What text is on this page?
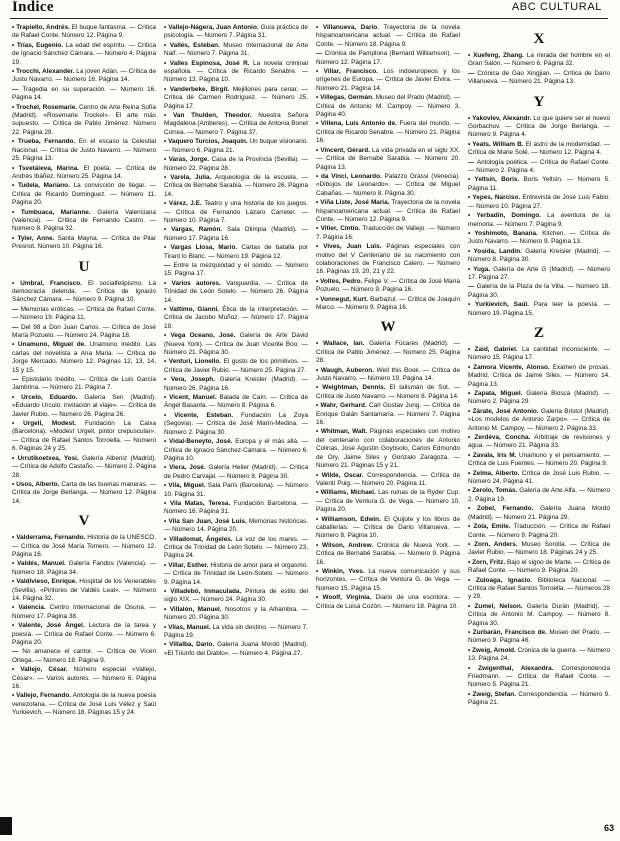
Índice	ABC CULTURAL
• Trapiello, Andrés. El buque fantasma. — Crítica de Rafael Conte. Número 12. Página 9.
• Trías, Eugenio. La edad del espíritu. — Crítica de Ignacio Sánchez Cámara. — Número 4. Página 19.
• Trocchi, Alexander. La joven Adán. — Crítica de Justo Navarro. — Número 16. Página 14.
— Tragedia en su superación. — Número 16. Página 14.
• Trochel, Rosemarie. Centro de Arte Reina Sofía (Madrid). «Rosemarie Trockel». El arte más supuesto. — Crítica de Pablo Jiménez. Número 22. Página 29.
• Trueba, Fernando. En el escaso la Celestial Nacional. — Crítica de Justo Navarro. — Número 25. Página 13.
• Tsvetáieva, Marina. El poeta. — Crítica de Andrés Ibáñez. Número 25. Página 14.
• Tudela, Mariano. La convicción de llegar. — Crítica de Ricardo Dominguez. — Número 11. Página 20.
• Tumbuaca, Marianne. Galería Valenciana (Valencia). — Crítica de Fernando Castro. — Número 8. Página 32.
• Tyler, Anne. Santa Mayna. — Crítica de Pilar Presnot. Número 10. Página 16.
U
• Umbral, Francisco. El socialfelipismo. La democracia delenda. — Crítica de Ignacio Sánchez Cámara. — Número 9. Página 10.
— Memorias eróticas. — Crítica de Rafael Conte. — Número 19. Página 11.
— Del 98 a Don Juan Carlos. — Crítica de José María Pozuelo. — Número 24. Página 18.
• Unamuno, Miguel de. Unamuno Inédito. Las cartas del novelista a Ana Maria. — Crítica de Jorge Mercado. Número 12. Páginas 12, 13, 14, 15 y 15.
— Epistolario Inédito. — Crítica de Luis García Jambrina. — Número 21. Página 7.
• Urcelo, Eduardo. Galería Sen (Madrid). «Eduardo Urculo: invitación al viaje». — Crítica de Javier Rubio. — Número 26. Página 26.
• Urgell, Modest. Fundación La Caixa (Barcelona). «Modest Urgell, pintor crepuscular». — Crítica de Rafael Santos Torroella. — Número 6. Páginas 24 y 25.
• Urrutikoetxea, Yosi. Galería Albeniz (Madrid). — Crítica de Adolfo Castaño. — Número 2. Página 28.
• Usos, Alberto. Carta de las buenas maneras. — Crítica de Jorge Berlanga. — Número 12. Página 14.
V
• Valderrama, Fernando. Historia de la UNESCO. — Crítica de José María Tomero. — Número 12. Página 16.
• Valdés, Manuel. Galería Fandos (Valencia). — Número 18. Página 34.
• Valdivieso, Enrique. Hospital de los Venerables (Sevilla). «Pintores de Valdés Leal». — Número 14. Página 32.
• Valencia. Centro Internacional de Osuna. — Número 17. Página 38.
• Valente, José Ángel. Lectura de la tarea y poesía. — Crítica de Rafael Conte. — Número 6. Página 20.
— No amanece el cantor. — Crítica de Vicen Ortega. — Número 18. Página 9.
• Vallejo, César. Número especial «Vallejo, César». — Varios autores. — Número 6. Página 16.
• Vallejo, Fernando. Antología de la nueva poesía venezolana. — Crítica de José Luis Vélez y Saúl Yurkievich. — Número 18. Páginas 15 y 24.
• Vallejo-Nágera, Juan Antonio. Guía práctica de psicología. — Número 7. Página 31.
• Vallés, Esteban. Museo Internacional de Arte Naif. — Número 7. Página 31.
• Valles Espinosa, José R. La novela criminal española. — Crítica de Ricardo Senabre. — Número 13. Página 10.
• Vanderbeke, Birgit. Mejillones para cenar. — Crítica de Carmen Rodríguez. — Número 25. Página 17.
• Van Thulden, Theodor. Nuestra Señora Magdalena (Amberes). — Crítica de Antonia Bonet Correa. — Número 7. Página 37.
• Vaquero Turcios, Joaquín. Un buque visionario. — Número 6. Página 21.
• Varas, Jorge. Casa de la Provincia (Sevilla). — Número 22. Página 28.
• Varela, Julia. Arqueología de la escuela. — Crítica de Bernabé Sarabia. — Número 26. Página 14.
• Várez, J.E. Teatro y una historia de los juegos. — Crítica de Fernando Lázaro Carreter. — Número 10. Página 7.
• Vargas, Ramón. Sala Olimpia (Madrid). — Número 17. Página 16.
• Vargas Llosa, Mario. Cartas de batalla por Tirant lo Blanc. — Número 19. Página 12.
— Entre la mezquindad y el sonido. — Número 15. Página 17.
• Varios autores. Vanguardia. — Crítica de Trinidad de León Sotelo. — Número 26. Página 14.
• Vattimo, Gianni. Ética de la interpretación. — Crítica de Jacobo Muñoz. — Número 17. Página 19.
• Vega Oceano, José. Galería de Arte David (Nueva York). — Crítica de Juan Vicente Boo. — Número 21. Página 30.
• Venturi, Lionello. El gusto de los primitivos. — Crítica de Javier Rubio. — Número 25. Página 27.
• Vera, Joseph. Galería Kreisler (Madrid). — Número 26. Página 16.
• Vicent, Manuel. Balada de Caín. — Crítica de Ángel Basanta. — Número 8. Página 6.
• Vicente, Esteban. Fundación La Zoya (Segovia). — Crítica de José Marín-Medina. — Número 2. Página 30.
• Vidal-Beneyto, José. Europa y el más allá. — Crítica de Ignacio Sánchez-Cámara. — Número 6. Página 10.
• Viera, José. Galería Helier (Madrid). — Crítica de Pedro Carvajal. — Número 8. Página 30.
• Vila, Miguel. Sala París (Barcelona). — Número 10. Página 31.
• Vila Matas, Teresa. Fundación Barcelona. — Número 16. Página 31.
• Vila San Juan, José Luis. Memorias históricas. — Número 14. Página 20.
• Villadomat, Ángeles. La voz de los mares. — Crítica de Trinidad de León Sotelo. — Número 23. Página 24.
• Villar, Esther. Historia de amor para el orgasmo. — Crítica de Trinidad de León-Sotelo. — Número 9. Página 14.
• Villadebó, Inmaculada. Pintura de estilo del siglo XIX. — Número 24. Página 30.
• Villalón, Manuel. Nosotros y la Alhambra. — Número 20. Página 30.
• Vilas, Manuel. La vida sin destino. — Número 7. Página 19.
• Villalba, Darío. Galería Juana Mordó (Madrid). «El Triunfo del Diablo». — Número 4. Página 27.
• Villanueva, Darío. Trayectoria de la novela hispanoamericana actual. — Crítica de Rafael Conte. — Número 18. Página 9.
— Crónica de Pamplona (Bernard Williamson). — Número 12. Página 17.
• Villar, Francisco. Los indoeuropeos y los orígenes de Europa. — Crítica de Javier Elvira. — Número 21. Página 14.
• Villegas, Germán. Museo del Prado (Madrid). — Crítica de Antonio M. Campoy. — Número 3. Página 40.
• Villena, Luis Antonio de. Fuera del mundo. — Crítica de Ricardo Senabre. — Número 21. Página 16.
• Vincent, Gérard. La vida privada en el siglo XX. — Crítica de Bernabé Sarabia. — Número 20. Página 13.
• da Vinci, Leonardo. Palazzo Grassi (Venecia). «Dibujos de Leonardo». — Crítica de Miguel Cabañas. — Número 8. Página 30.
• Viña Liste, José María. Trayectoria de la novela hispanoamericana actual. — Crítica de Rafael Conte. — Número 12. Página 9.
• Vitier, Cintio. Traducción de Vallejo. — Número 7. Página 16.
• Vives, Juan Luis. Páginas especiales con motivo del V Centenario de su nacimiento con colaboraciones de Francisco Calero. — Número 16. Páginas 19, 20, 21 y 22.
• Voltes, Pedro. Felipe V. — Crítica de José María Pozuelo. — Número 9. Página 16.
• Vonnegut, Kurt. Barbazul. — Crítica de Joaquín Marco. — Número 9. Página 16.
W
• Wallace, Ian. Galería Fúcares (Madrid). — Crítica de Pablo Jiménez. — Número 25. Página 28.
• Waugh, Auberon. Well this Book. — Crítica de Justo Navarro. — Número 19. Página 14.
• Weightman, Dennis. El talismán de Sot. — Crítica de Justo Navarro. — Número 8. Página 14.
• Wahr, Gerhard. Carl Gustav Jung. — Crítica de Enrique Galán Santamaría. — Número 7. Página 16.
• Whitman, Walt. Páginas especiales con motivo del centenario con colaboraciones de Antonio Colinas, José Agustín Goytisolo, Carlos Edmundo de Ory, Jaime Siles y Gonzalo Zaragoza. — Número 21. Páginas 15 y 21.
• Wilde, Oscar. Correspondencia. — Crítica de Valentí Puig. — Número 20. Página 11.
• Williams, Michael. Las ruinas de la Ryder Cup. — Crítica de Ventura G. de Vega. — Número 10. Página 20.
• Williamson, Edwin. El Quijote y los libros de caballerías. — Crítica de Darío Villanueva. — Número 8. Página 10.
• Wilson, Andrew. Crónica de Nueva York. — Crítica de Bernabé Sarabia. — Número 9. Página 16.
• Winkin, Yves. La nueva comunicación y sus horizontes. — Crítica de Ventura G. de Vega. — Número 15. Página 15.
• Woolf, Virginia. Diario de una escritora. — Crítica de Luisa Cozón. — Número 18. Página 10.
X
• Xuefeng, Zhang. La mirada del hombre en el Gran Salón. — Número 6. Página 32.
— Crónica de Gao Xingjian. — Crítica de Darío Villanueva. — Número 21. Página 13.
Y
• Yakovlev, Alexandr. Lo que quiere ser el nuevo Gorbachov. — Crítica de Jorge Berlanga. — Número 9. Página 4.
• Yeats, William B. El astro de la modernidad. — Crítica de Marie Solé. — Número 12. Página 4.
— Antología poética. — Crítica de Rafael Conte. — Número 2. Página 4.
• Yeltsin, Boris. Boris Yeltsin. — Número 5. Página 11.
• Yepes, Narciso. Entrevista de José Luis Fabio. — Número 10. Página 27.
• Yerbadín, Domingo. La aventura de la memoria. — Número 7. Página 9.
• Yoshimoto, Banana. Kitchen. — Crítica de Justo Navarro. — Número 9. Página 13.
• Yosida, Landín. Galería Kreisler (Madrid). — Número 8. Página 30.
• Yuga. Galería de Arte G (Madrid). — Número 17. Página 27.
— Galería de la Plaza de la Villa. — Número 18. Página 30.
• Yurkievich, Saúl. Para leer la poesía. — Número 19. Página 15.
Z
• Zaid, Gabriel. La cantidad inconsciente. — Número 15. Página 17.
• Zamora Vicente, Alonso. Examen de prosas. Madrid. Crítica de Jaime Siles. — Número 14. Página 13.
• Zapata, Miguel. Galería Biosca (Madrid). — Número 2. Página 29.
• Zárate, José Antonio. Galería Bristol (Madrid). «Los modelos de Antonio Zarpo». — Crítica de Antonio M. Campoy. — Número 2. Página 33.
• Zerdéva, Concha. Arbitraje de revisiones y agua. — Número 21. Página 33.
• Zavala, Iris M. Unamuno y el pensamiento. — Crítica de Luis Fuentes. — Número 20. Página 9.
• Zelma, Alberto. Crítica de José Luis Rubio. — Número 24. Página 41.
• Zerolo, Tomás. Galería de Arte Alfa. — Número 2. Página 19.
• Zobel, Fernando. Galería Juana Mordó (Madrid). — Número 21. Página 29.
• Zola, Emile. Traducción. — Crítica de Rafael Conte. — Número 9. Página 20.
• Zorn, Anders. Museo Sorolla. — Crítica de Javier Rubio. — Número 18. Páginas 24 y 25.
• Zorn, Fritz. Bajo el signo de Marte. — Crítica de Rafael Conte. — Número 9. Página 20.
• Zuloaga, Ignacio. Biblioteca Nacional. — Crítica de Rafael Santos Torroella. — Números 28 y 29.
• Zumel, Nelson. Galería Durán (Madrid). — Crítica de Antonio M. Campoy. — Número 8. Página 30.
• Zurbarán, Francisco de. Museo del Prado. — Número 9. Página 46.
• Zweig, Arnold. Crónica de la guerra. — Número 13. Página 24.
• Zwigenthal, Alexandra. Correspondencia Friedmann. — Crítica de Rafael Conte. — Número 5. Página 21.
• Zweig, Stefan. Correspondencia. — Número 9. Página 21.
63
